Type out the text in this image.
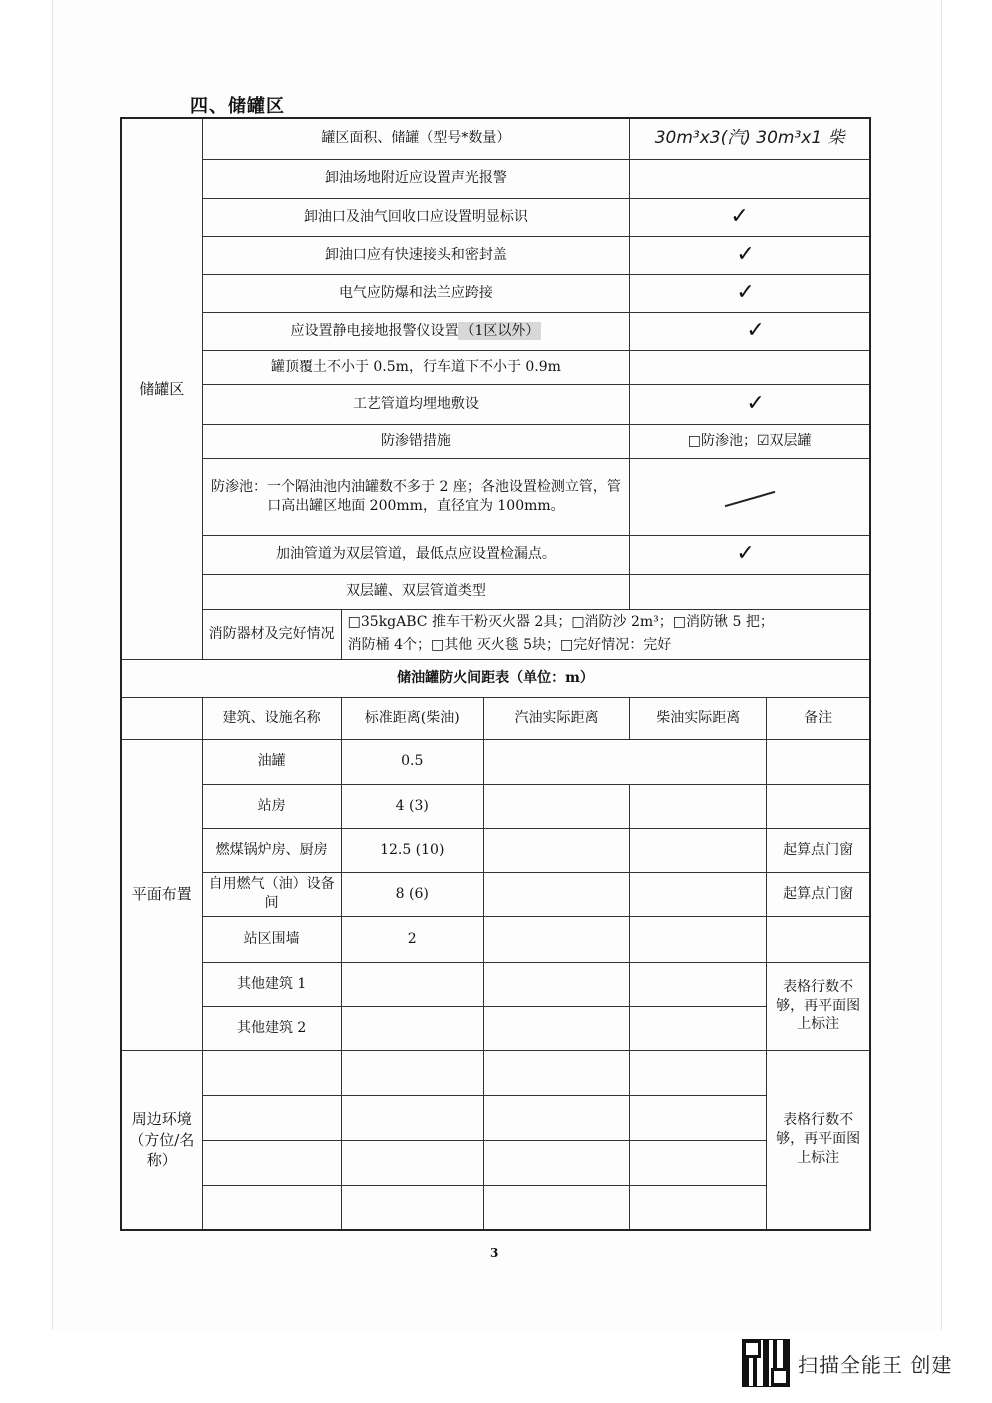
四、储罐区
储罐区	罐区面积、储罐（型号*数量）			30m³x3(汽) 30m³x1 柴	
	卸油场地附近应设置声光报警				
	卸油口及油气回收口应设置明显标识			✓	
	卸油口应有快速接头和密封盖			✓	
	电气应防爆和法兰应跨接			✓	
	应设置静电接地报警仪设置 （1区以外）			✓	
	罐顶覆土不小于 0.5m，行车道下不小于 0.9m				
	工艺管道均埋地敷设			✓	
	防渗错措施			□防渗池；☑双层罐	
	防渗池：一个隔油池内油罐数不多于 2 座；各池设置检测立管，管口高出罐区地面 200mm，直径宜为 100mm。				
	加油管道为双层管道，最低点应设置检漏点。			✓	
	双层罐、双层管道类型				
	消防器材及完好情况	□35kgABC 推车干粉灭火器 2具；□消防沙 2m³；□消防锹 5 把；
消防桶 4个；□其他 灭火毯 5块；□完好情况：完好			

储油罐防火间距表（单位：m）					
	建筑、设施名称	标准距离(柴油)	汽油实际距离	柴油实际距离	备注
平面布置	油罐	0.5			
	站房	4 (3)			
	燃煤锅炉房、厨房	12.5 (10)			起算点门窗
	自用燃气（油）设备间	8 (6)			起算点门窗
	站区围墙	2			
	其他建筑 1				表格行数不够，再平面图上标注
	其他建筑 2				
周边环境（方位/名称）					表格行数不够，再平面图上标注

3
扫描全能王 创建
